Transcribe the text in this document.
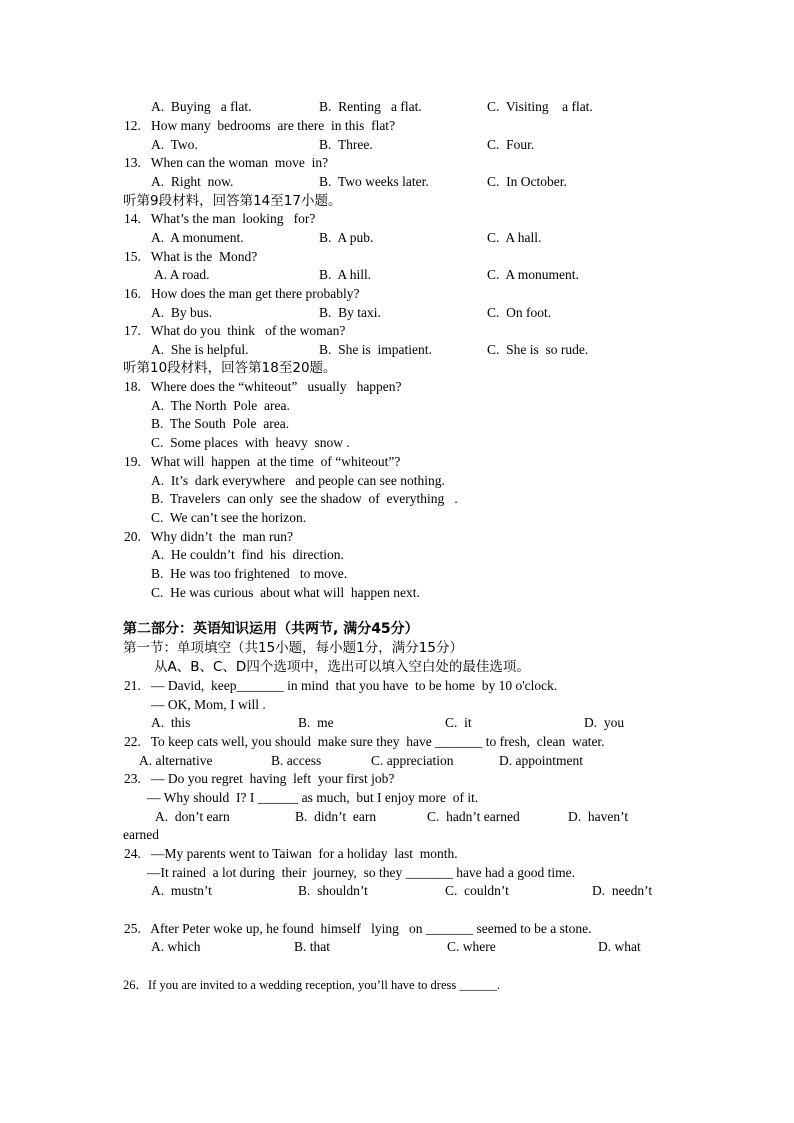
A.  Buying   a flat.	B.  Renting   a flat.	C.  Visiting    a flat.
12.   How many  bedrooms  are there  in this  flat?
A.  Two.	B.  Three.	C.  Four.
13.   When can the woman  move  in?
A.  Right  now.	B.  Two weeks later.	C.  In October.
听第9段材料，回答第14至17小题。
14.   What’s the man  looking   for?
A.  A monument.	B.  A pub.	C.  A hall.
15.   What is the  Mond?
A. A road.	B.  A hill.	C.  A monument.
16.   How does the man get there probably?
A.  By bus.	B.  By taxi.	C.  On foot.
17.   What do you  think   of the woman?
A.  She is helpful.	B.  She is  impatient.	C.  She is  so rude.
听第10段材料，回答第18至20题。
18.   Where does the “whiteout”   usually   happen?
A.  The North  Pole  area.
B.  The South  Pole  area.
C.  Some places  with  heavy  snow .
19.   What will  happen  at the time  of “whiteout”?
A.  It’s  dark everywhere   and people can see nothing.
B.  Travelers  can only  see the shadow  of  everything   .
C.  We can’t see the horizon.
20.   Why didn’t  the  man run?
A.  He couldn’t  find  his  direction.
B.  He was too frightened   to move.
C.  He was curious  about what will  happen next.
第二部分：英语知识运用（共两节, 满分45分）
第一节：单项填空（共15小题，每小题1分，满分15分）
从A、B、C、D四个选项中，选出可以填入空白处的最佳选项。
21.   — David,  keep_______ in mind  that you have  to be home  by 10 o'clock.
— OK, Mom, I will .
A.  this	B.  me	C.  it	D.  you
22.   To keep cats well, you should  make sure they  have _______ to fresh,  clean  water.
A. alternative	B. access	C. appreciation	D. appointment
23.   — Do you regret  having  left  your first job?
— Why should  I? I ______ as much,  but I enjoy more  of it.
A.  don’t earn	B.  didn’t  earn	C.  hadn’t earned	D.  haven’t
earned
24.   —My parents went to Taiwan  for a holiday  last  month.
—It rained  a lot during  their  journey,  so they _______ have had a good time.
A.  mustn’t	B.  shouldn’t	C.  couldn’t	D.  needn’t
25.   After Peter woke up, he found  himself   lying   on _______ seemed to be a stone.
A. which	B. that	C. where	D. what
26．If you are invited to a wedding reception, you’ll have to dress ______.
